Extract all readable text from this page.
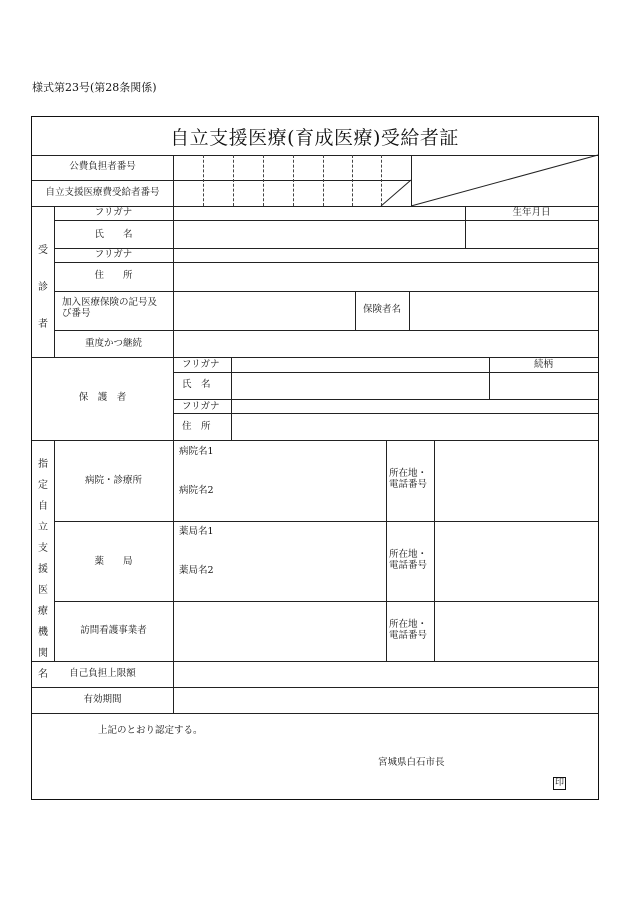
様式第23号(第28条関係)
自立支援医療(育成医療)受給者証
公費負担者番号
自立支援医療費受給者番号
受
診
者
フリガナ
氏　　名
生年月日
フリガナ
住　　所
加入医療保険の記号及
び番号	保険者名
重度かつ継続
保　護　者
フリガナ
氏　名
続柄
フリガナ
住　所
指
定
自
立
支
援
医
療
機
関
名
病院・診療所
病院名1
病院名2
所在地・
電話番号
薬　　局
薬局名1
薬局名2
所在地・
電話番号
訪問看護事業者
所在地・
電話番号
自己負担上限額
有効期間
上記のとおり認定する。
宮城県白石市長
印
